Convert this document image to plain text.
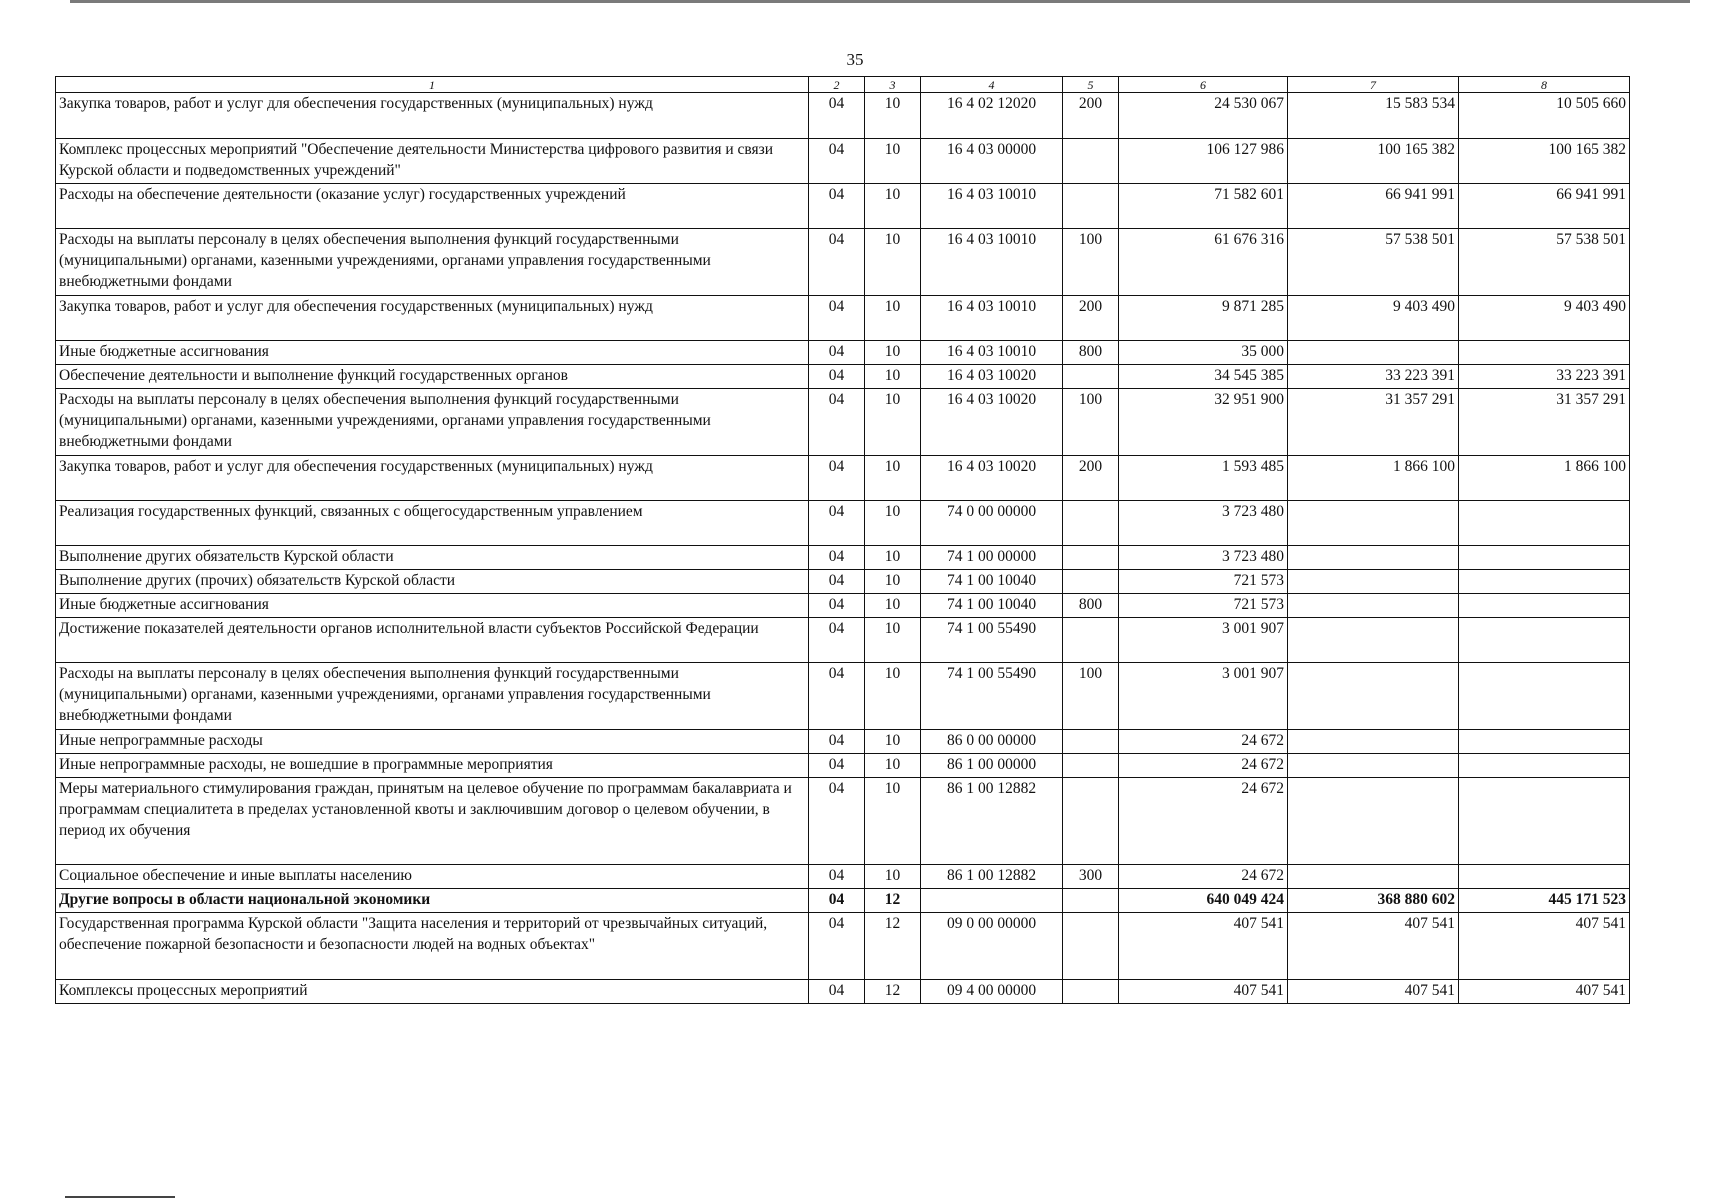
35
1	2	3	4	5	6	7	8
Закупка товаров, работ и услуг для обеспечения государственных (муниципальных) нужд	04	10	16 4 02 12020	200	24 530 067	15 583 534	10 505 660
Комплекс процессных мероприятий "Обеспечение деятельности Министерства цифрового развития и связи Курской области и подведомственных учреждений"	04	10	16 4 03 00000		106 127 986	100 165 382	100 165 382
Расходы на обеспечение деятельности (оказание услуг) государственных учреждений	04	10	16 4 03 10010		71 582 601	66 941 991	66 941 991
Расходы на выплаты персоналу в целях обеспечения выполнения функций государственными (муниципальными) органами, казенными учреждениями, органами управления государственными внебюджетными фондами	04	10	16 4 03 10010	100	61 676 316	57 538 501	57 538 501
Закупка товаров, работ и услуг для обеспечения государственных (муниципальных) нужд	04	10	16 4 03 10010	200	9 871 285	9 403 490	9 403 490
Иные бюджетные ассигнования	04	10	16 4 03 10010	800	35 000		
Обеспечение деятельности и выполнение функций государственных органов	04	10	16 4 03 10020		34 545 385	33 223 391	33 223 391
Расходы на выплаты персоналу в целях обеспечения выполнения функций государственными (муниципальными) органами, казенными учреждениями, органами управления государственными внебюджетными фондами	04	10	16 4 03 10020	100	32 951 900	31 357 291	31 357 291
Закупка товаров, работ и услуг для обеспечения государственных (муниципальных) нужд	04	10	16 4 03 10020	200	1 593 485	1 866 100	1 866 100
Реализация государственных функций, связанных с общегосударственным управлением	04	10	74 0 00 00000		3 723 480		
Выполнение других обязательств Курской области	04	10	74 1 00 00000		3 723 480		
Выполнение других (прочих) обязательств Курской области	04	10	74 1 00 10040		721 573		
Иные бюджетные ассигнования	04	10	74 1 00 10040	800	721 573		
Достижение показателей деятельности органов исполнительной власти субъектов Российской Федерации	04	10	74 1 00 55490		3 001 907		
Расходы на выплаты персоналу в целях обеспечения выполнения функций государственными (муниципальными) органами, казенными учреждениями, органами управления государственными внебюджетными фондами	04	10	74 1 00 55490	100	3 001 907		
Иные непрограммные расходы	04	10	86 0 00 00000		24 672		
Иные непрограммные расходы, не вошедшие в программные мероприятия	04	10	86 1 00 00000		24 672		
Меры материального стимулирования граждан, принятым на целевое обучение по программам бакалавриата и программам специалитета в пределах установленной квоты и заключившим договор о целевом обучении, в период их обучения	04	10	86 1 00 12882		24 672		
Социальное обеспечение и иные выплаты населению	04	10	86 1 00 12882	300	24 672		
Другие вопросы в области национальной экономики	04	12			640 049 424	368 880 602	445 171 523
Государственная программа Курской области "Защита населения и территорий от чрезвычайных ситуаций, обеспечение пожарной безопасности и безопасности людей на водных объектах"	04	12	09 0 00 00000		407 541	407 541	407 541
Комплексы процессных мероприятий	04	12	09 4 00 00000		407 541	407 541	407 541
